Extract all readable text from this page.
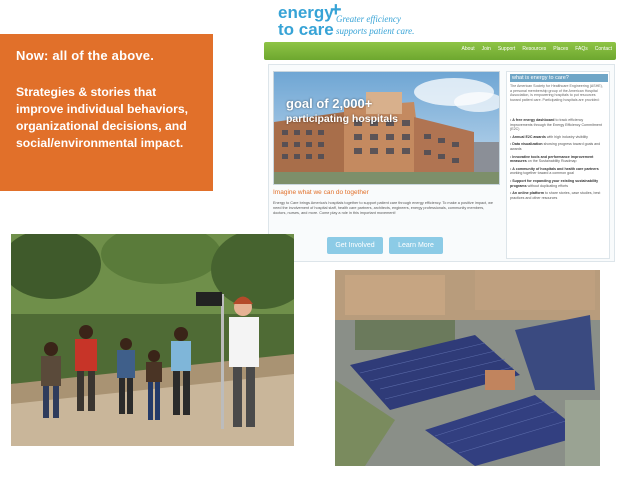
Now: all of the above.
Strategies & stories that improve individual behaviors, organizational decisions, and social/environmental impact.
energy
+
to care
Greater efficiency
supports patient care.
About Join Support Resources Places FAQs Contact
goal of 2,000+
participating hospitals
what is energy to care?
The American Society for Healthcare Engineering (ASHE), a personal membership group of the American Hospital Association, is empowering hospitals to put resources toward patient care. Participating hospitals are provided:
• A free energy dashboard to track efficiency improvements through the Energy Efficiency Commitment (E2C)
• Annual E2C awards with high industry visibility
• Data visualization showing progress toward goals and awards
• Innovative tools and performance improvement measures on the Sustainability Roadmap
• A community of hospitals and health care partners working together toward a common goal
• Support for expanding your existing sustainability programs without duplicating efforts
• An online platform to share stories, case studies, best practices and other resources
Imagine what we can do together
Energy to Care brings America's hospitals together to support patient care through energy efficiency. To make a positive impact, we need the involvement of hospital staff, health care partners, architects, engineers, energy professionals, community members, doctors, nurses, and more. Come play a role in this important movement!
Get Involved	Learn More
